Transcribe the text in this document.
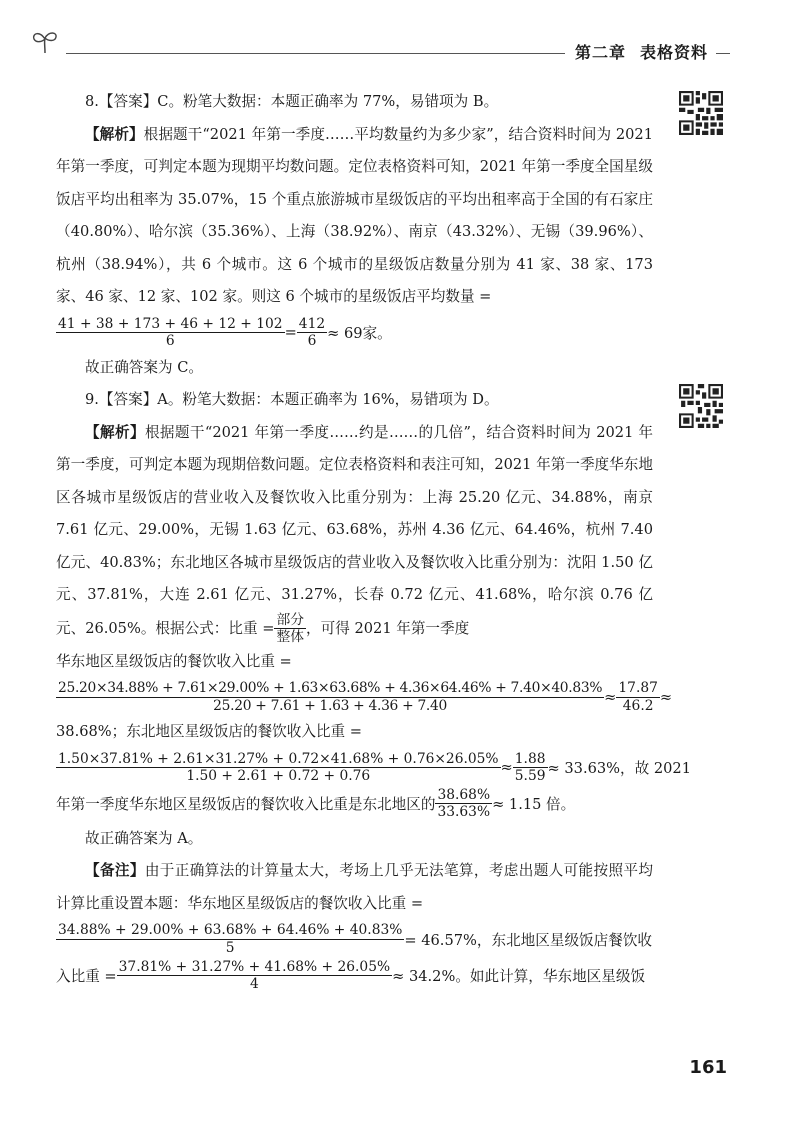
第二章 表格资料

8.【答案】C。粉笔大数据：本题正确率为 77%，易错项为 B。

【解析】根据题干“2021 年第一季度……平均数量约为多少家”，结合资料时间为 2021 年第一季度，可判定本题为现期平均数问题。定位表格资料可知，2021 年第一季度全国星级饭店平均出租率为 35.07%，15 个重点旅游城市星级饭店的平均出租率高于全国的有石家庄（40.80%）、哈尔滨（35.36%）、上海（38.92%）、南京（43.32%）、无锡（39.96%）、杭州（38.94%），共 6 个城市。这 6 个城市的星级饭店数量分别为 41 家、38 家、173 家、46 家、12 家、102 家。则这 6 个城市的星级饭店平均数量 =

$\frac{41 + 38 + 173 + 46 + 12 + 102}{6} = \frac{412}{6} \approx 69$家。

故正确答案为 C。

9.【答案】A。粉笔大数据：本题正确率为 16%，易错项为 D。

【解析】根据题干“2021 年第一季度……约是……的几倍”，结合资料时间为 2021 年第一季度，可判定本题为现期倍数问题。定位表格资料和表注可知，2021 年第一季度华东地区各城市星级饭店的营业收入及餐饮收入比重分别为：上海 25.20 亿元、34.88%，南京 7.61 亿元、29.00%，无锡 1.63 亿元、63.68%，苏州 4.36 亿元、64.46%，杭州 7.40 亿元、40.83%；东北地区各城市星级饭店的营业收入及餐饮收入比重分别为：沈阳 1.50 亿元、37.81%，大连 2.61 亿元、31.27%，长春 0.72 亿元、41.68%，哈尔滨 0.76 亿元、26.05%。根据公式：比重 = $\frac{\text{部分}}{\text{整体}}$ ，可得 2021 年第一季度

华东地区星级饭店的餐饮收入比重 =

25.20×34.88% + 7.61×29.00% + 1.63×63.68% + 4.36×64.46% + 7.40×40.83%
25.20 + 7.61 + 1.63 + 4.36 + 7.40	≈ $\frac{17.87}{46.2}$ ≈

38.68%；东北地区星级饭店的餐饮收入比重 =

$\frac{1.50\times 37.81\% + 2.61\times 31.27\% + 0.72\times 41.68\% + 0.76\times 26.05\%}{1.50 + 2.61 + 0.72 + 0.76} \approx \frac{1.88}{5.59} \approx 33.63\%$，故 2021
年第一季度华东地区星级饭店的餐饮收入比重是东北地区的 $\frac{38.68\%}{33.63\%} \approx 1.15$ 倍。

故正确答案为 A。

【备注】由于正确算法的计算量太大，考场上几乎无法笔算，考虑出题人可能按照平均计算比重设置本题：华东地区星级饭店的餐饮收入比重 =

$\frac{34.88\% + 29.00\% + 63.68\% + 64.46\% + 40.83\%}{5} = 46.57\%$，东北地区星级饭店餐饮收
入比重 = $\frac{37.81\% + 31.27\% + 41.68\% + 26.05\%}{4} \approx 34.2\%$。如此计算，华东地区星级饭
161
